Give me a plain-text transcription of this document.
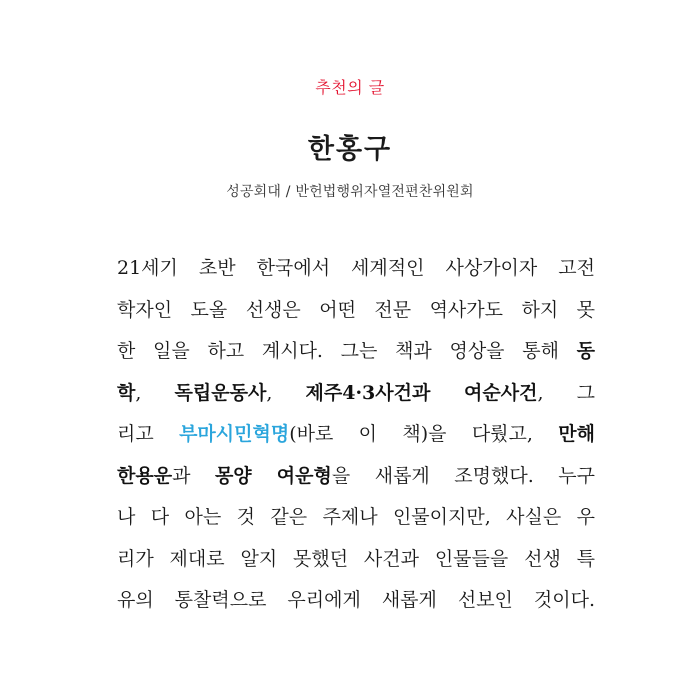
추천의 글
한홍구

성공회대 / 반헌법행위자열전편찬위원회

21세기 초반 한국에서 세계적인 사상가이자 고전
학자인 도올 선생은 어떤 전문 역사가도 하지 못
한 일을 하고 계시다. 그는 책과 영상을 통해 동
학, 독립운동사, 제주4·3사건과 여순사건, 그
리고 부마시민혁명(바로 이 책)을 다뤘고, 만해
한용운과 몽양 여운형을 새롭게 조명했다. 누구
나 다 아는 것 같은 주제나 인물이지만, 사실은 우
리가 제대로 알지 못했던 사건과 인물들을 선생 특
유의 통찰력으로 우리에게 새롭게 선보인 것이다.
